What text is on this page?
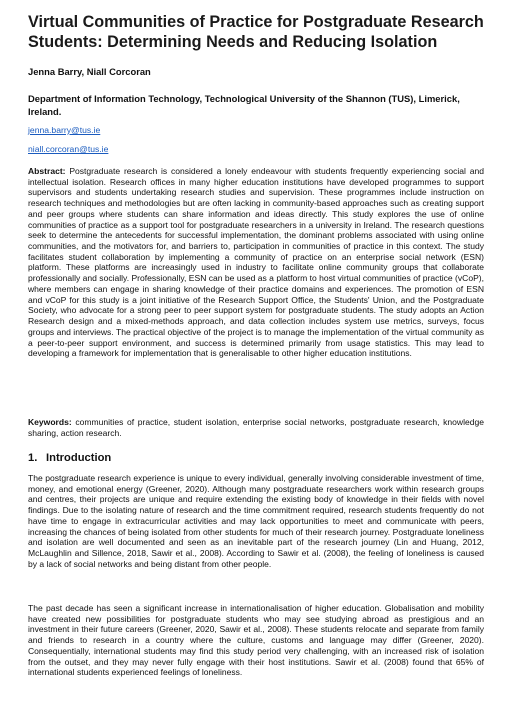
Virtual Communities of Practice for Postgraduate Research Students: Determining Needs and Reducing Isolation
Jenna Barry, Niall Corcoran
Department of Information Technology, Technological University of the Shannon (TUS), Limerick, Ireland.
jenna.barry@tus.ie
niall.corcoran@tus.ie
Abstract: Postgraduate research is considered a lonely endeavour with students frequently experiencing social and intellectual isolation. Research offices in many higher education institutions have developed programmes to support supervisors and students undertaking research studies and supervision. These programmes include instruction on research techniques and methodologies but are often lacking in community-based approaches such as creating support and peer groups where students can share information and ideas directly. This study explores the use of online communities of practice as a support tool for postgraduate researchers in a university in Ireland. The research questions seek to determine the antecedents for successful implementation, the dominant problems associated with using online communities, and the motivators for, and barriers to, participation in communities of practice in this context. The study facilitates student collaboration by implementing a community of practice on an enterprise social network (ESN) platform. These platforms are increasingly used in industry to facilitate online community groups that collaborate professionally and socially. Professionally, ESN can be used as a platform to host virtual communities of practice (vCoP), where members can engage in sharing knowledge of their practice domains and experiences. The promotion of ESN and vCoP for this study is a joint initiative of the Research Support Office, the Students' Union, and the Postgraduate Society, who advocate for a strong peer to peer support system for postgraduate students. The study adopts an Action Research design and a mixed-methods approach, and data collection includes system use metrics, surveys, focus groups and interviews. The practical objective of the project is to manage the implementation of the virtual community as a peer-to-peer support environment, and success is determined primarily from usage statistics. This may lead to developing a framework for implementation that is generalisable to other higher education institutions.
Keywords: communities of practice, student isolation, enterprise social networks, postgraduate research, knowledge sharing, action research.
1. Introduction
The postgraduate research experience is unique to every individual, generally involving considerable investment of time, money, and emotional energy (Greener, 2020). Although many postgraduate researchers work within research groups and centres, their projects are unique and require extending the existing body of knowledge in their fields with novel findings. Due to the isolating nature of research and the time commitment required, research students frequently do not have time to engage in extracurricular activities and may lack opportunities to meet and communicate with peers, increasing the chances of being isolated from other students for much of their research journey. Postgraduate loneliness and isolation are well documented and seen as an inevitable part of the research journey (Lin and Huang, 2012, McLaughlin and Sillence, 2018, Sawir et al., 2008). According to Sawir et al. (2008), the feeling of loneliness is caused by a lack of social networks and being distant from other people.
The past decade has seen a significant increase in internationalisation of higher education. Globalisation and mobility have created new possibilities for postgraduate students who may see studying abroad as prestigious and an investment in their future careers (Greener, 2020, Sawir et al., 2008). These students relocate and separate from family and friends to research in a country where the culture, customs and language may differ (Greener, 2020). Consequentially, international students may find this study period very challenging, with an increased risk of isolation from the outset, and they may never fully engage with their host institutions. Sawir et al. (2008) found that 65% of international students experienced feelings of loneliness.
